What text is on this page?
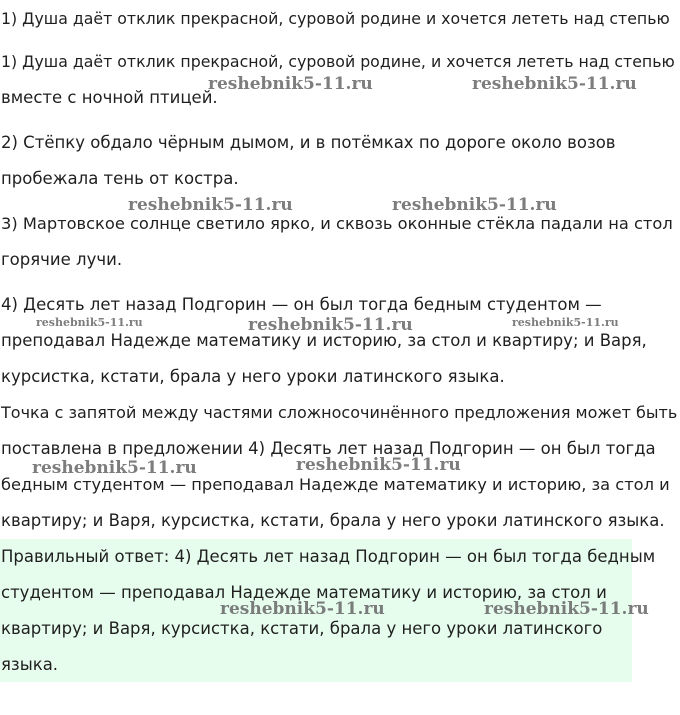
1) Душа даёт отклик прекрасной, суровой родине и хочется лететь над степью

1) Душа даёт отклик прекрасной, суровой родине, и хочется лететь над степью
вместе с ночной птицей.

2) Стёпку обдало чёрным дымом, и в потёмках по дороге около возов
пробежала тень от костра.

3) Мартовское солнце светило ярко, и сквозь оконные стёкла падали на стол
горячие лучи.

4) Десять лет назад Подгорин — он был тогда бедным студентом —
преподавал Надежде математику и историю, за стол и квартиру; и Варя,
курсистка, кстати, брала у него уроки латинского языка.

Точка с запятой между частями сложносочинённого предложения может быть
поставлена в предложении 4) Десять лет назад Подгорин — он был тогда
бедным студентом — преподавал Надежде математику и историю, за стол и
квартиру; и Варя, курсистка, кстати, брала у него уроки латинского языка.

Правильный ответ: 4) Десять лет назад Подгорин — он был тогда бедным
студентом — преподавал Надежде математику и историю, за стол и
квартиру; и Варя, курсистка, кстати, брала у него уроки латинского
языка.

reshebnik5-11.ru	reshebnik5-11.ru
reshebnik5-11.ru	reshebnik5-11.ru
reshebnik5-11.ru	reshebnik5-11.ru	reshebnik5-11.ru
reshebnik5-11.ru	reshebnik5-11.ru
reshebnik5-11.ru	reshebnik5-11.ru
